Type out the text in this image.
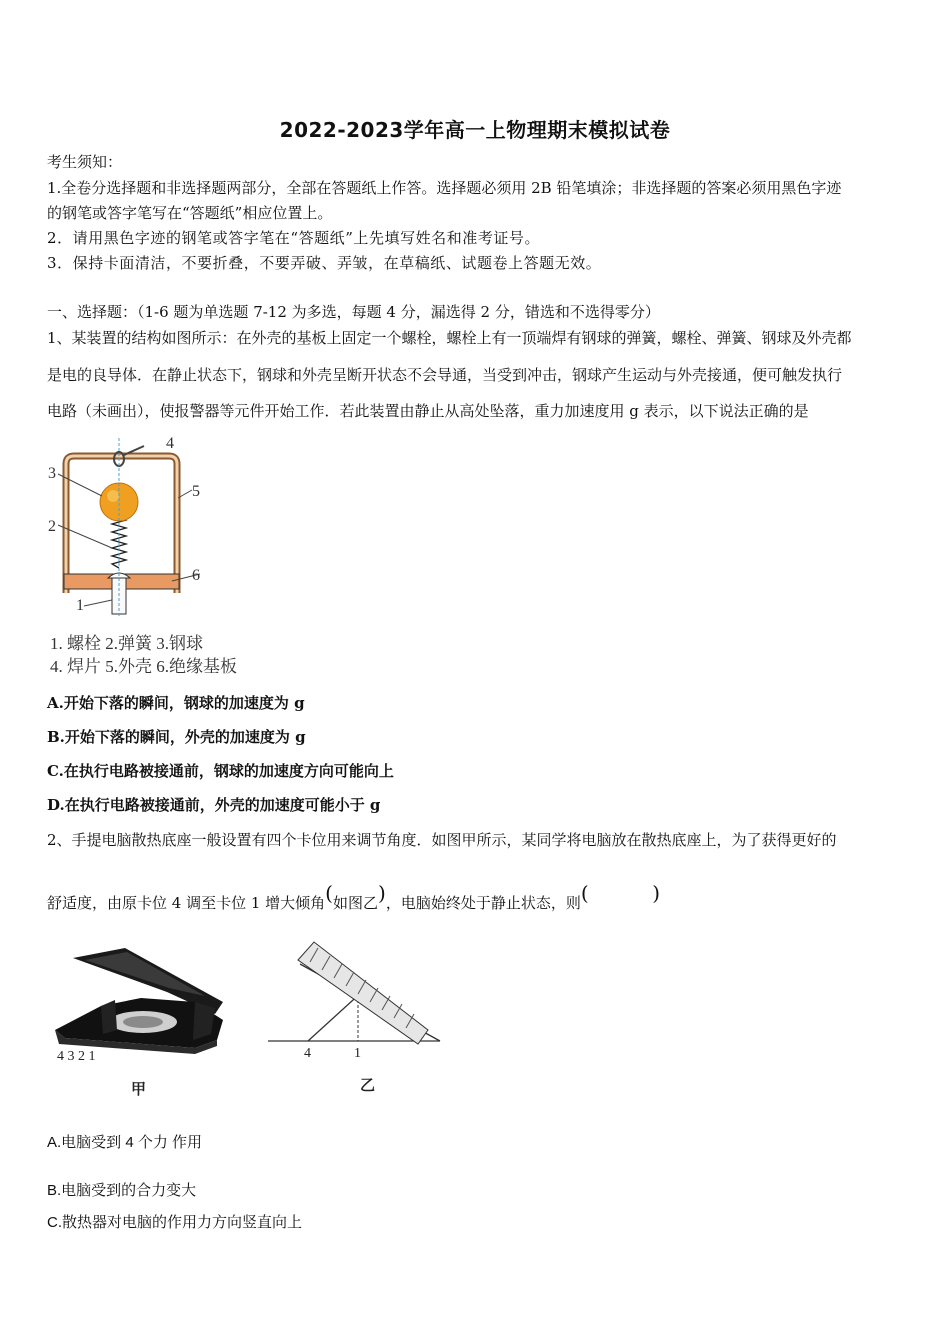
2022-2023学年高一上物理期末模拟试卷
考生须知：
1.全卷分选择题和非选择题两部分，全部在答题纸上作答。选择题必须用 2B 铅笔填涂；非选择题的答案必须用黑色字迹
的钢笔或答字笔写在“答题纸”相应位置上。
2．请用黑色字迹的钢笔或答字笔在“答题纸”上先填写姓名和准考证号。
3．保持卡面清洁，不要折叠，不要弄破、弄皱，在草稿纸、试题卷上答题无效。
一、选择题：（1-6 题为单选题 7-12 为多选，每题 4 分，漏选得 2 分，错选和不选得零分）
1、某装置的结构如图所示：在外壳的基板上固定一个螺栓，螺栓上有一顶端焊有钢球的弹簧，螺栓、弹簧、钢球及外壳都
是电的良导体．在静止状态下，钢球和外壳呈断开状态不会导通，当受到冲击，钢球产生运动与外壳接通，便可触发执行
电路（未画出），使报警器等元件开始工作．若此装置由静止从高处坠落，重力加速度用 g 表示，以下说法正确的是
3
2
4
5
6
1
1. 螺栓 2.弹簧 3.钢球
4. 焊片 5.外壳 6.绝缘基板
A.开始下落的瞬间，钢球的加速度为 g
B.开始下落的瞬间，外壳的加速度为 g
C.在执行电路被接通前，钢球的加速度方向可能向上
D.在执行电路被接通前，外壳的加速度可能小于 g
2、手提电脑散热底座一般设置有四个卡位用来调节角度．如图甲所示，某同学将电脑放在散热底座上，为了获得更好的
舒适度，由原卡位 4 调至卡位 1 增大倾角(如图乙)，电脑始终处于静止状态，则(          )
4 3 2 1
甲
4	1
乙
A.电脑受到 4 个力 作用
B.电脑受到的合力变大
C.散热器对电脑的作用力方向竖直向上
